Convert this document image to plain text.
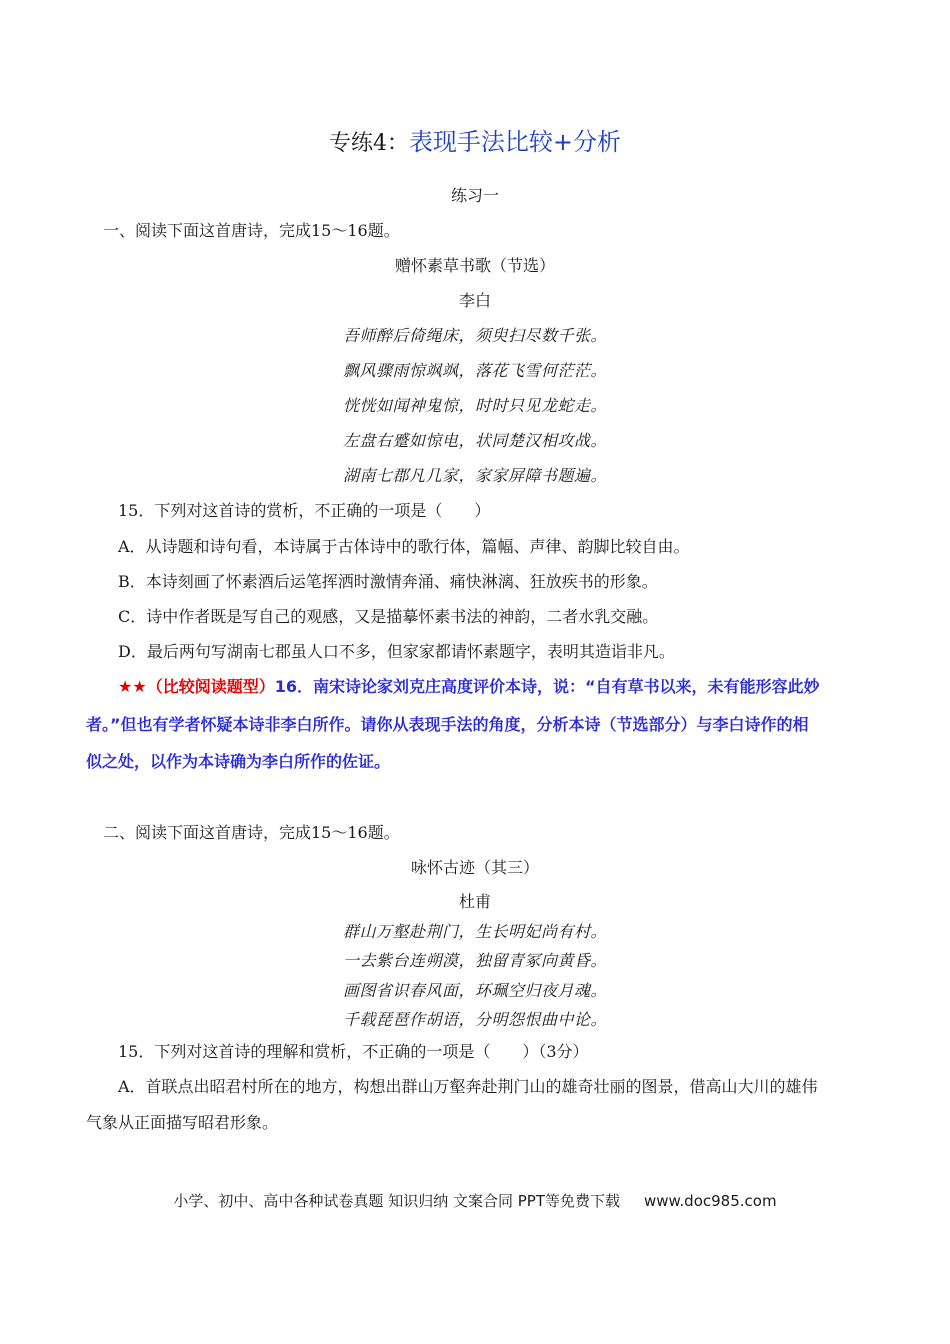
专练4：表现手法比较+分析
练习一
一、阅读下面这首唐诗，完成15～16题。
赠怀素草书歌（节选）
李白
吾师醉后倚绳床，须臾扫尽数千张。
飘风骤雨惊飒飒，落花飞雪何茫茫。
恍恍如闻神鬼惊，时时只见龙蛇走。
左盘右蹙如惊电，状同楚汉相攻战。
湖南七郡凡几家，家家屏障书题遍。
15．下列对这首诗的赏析，不正确的一项是（　　）
A．从诗题和诗句看，本诗属于古体诗中的歌行体，篇幅、声律、韵脚比较自由。
B．本诗刻画了怀素酒后运笔挥洒时激情奔涌、痛快淋漓、狂放疾书的形象。
C．诗中作者既是写自己的观感，又是描摹怀素书法的神韵，二者水乳交融。
D．最后两句写湖南七郡虽人口不多，但家家都请怀素题字，表明其造诣非凡。
★★（比较阅读题型）16．南宋诗论家刘克庄高度评价本诗，说：“自有草书以来，未有能形容此妙
者。”但也有学者怀疑本诗非李白所作。请你从表现手法的角度，分析本诗（节选部分）与李白诗作的相
似之处，以作为本诗确为李白所作的佐证。
二、阅读下面这首唐诗，完成15～16题。
咏怀古迹（其三）
杜甫
群山万壑赴荆门，生长明妃尚有村。
一去紫台连朔漠，独留青冢向黄昏。
画图省识春风面，环珮空归夜月魂。
千载琵琶作胡语，分明怨恨曲中论。
15．下列对这首诗的理解和赏析，不正确的一项是（　　）（3分）
A．首联点出昭君村所在的地方，构想出群山万壑奔赴荆门山的雄奇壮丽的图景，借高山大川的雄伟
气象从正面描写昭君形象。
小学、初中、高中各种试卷真题 知识归纳 文案合同 PPT等免费下载 www.doc985.com
